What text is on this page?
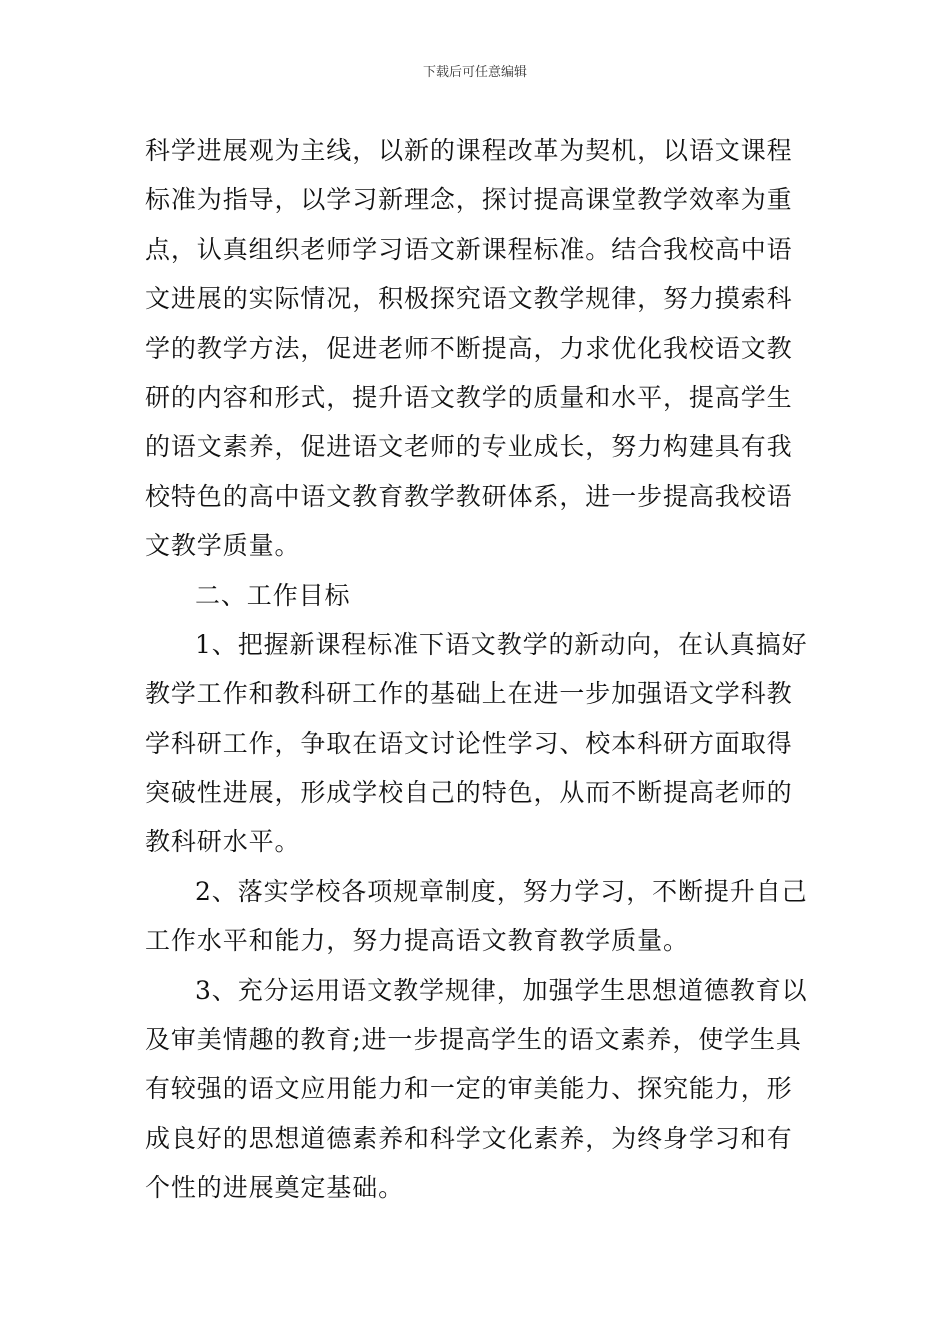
下载后可任意编辑
科学进展观为主线，以新的课程改革为契机，以语文课程
标准为指导，以学习新理念，探讨提高课堂教学效率为重
点，认真组织老师学习语文新课程标准。结合我校高中语
文进展的实际情况，积极探究语文教学规律，努力摸索科
学的教学方法，促进老师不断提高，力求优化我校语文教
研的内容和形式，提升语文教学的质量和水平，提高学生
的语文素养，促进语文老师的专业成长，努力构建具有我
校特色的高中语文教育教学教研体系，进一步提高我校语
文教学质量。
二、工作目标
1、把握新课程标准下语文教学的新动向，在认真搞好
教学工作和教科研工作的基础上在进一步加强语文学科教
学科研工作，争取在语文讨论性学习、校本科研方面取得
突破性进展，形成学校自己的特色，从而不断提高老师的
教科研水平。
2、落实学校各项规章制度，努力学习，不断提升自己
工作水平和能力，努力提高语文教育教学质量。
3、充分运用语文教学规律，加强学生思想道德教育以
及审美情趣的教育;进一步提高学生的语文素养，使学生具
有较强的语文应用能力和一定的审美能力、探究能力，形
成良好的思想道德素养和科学文化素养，为终身学习和有
个性的进展奠定基础。
